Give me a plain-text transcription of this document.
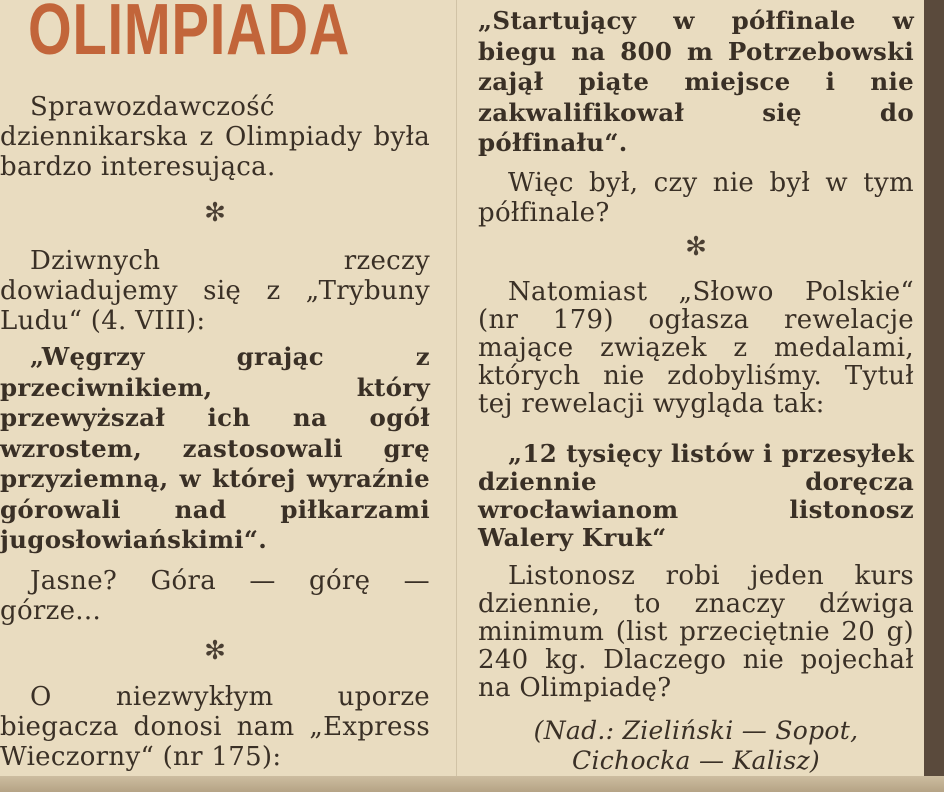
OLIMPIADA

Sprawozdawczość dziennikarska z Olimpiady była bardzo interesująca.

✻

Dziwnych rzeczy dowiadujemy się z „Trybuny Ludu“ (4. VIII):

„Węgrzy grając z przeciwnikiem, który przewyższał ich na ogół wzrostem, zastosowali grę przyziemną, w której wyraźnie górowali nad piłkarzami jugosłowiańskimi“.

Jasne? Góra — górę — górze...

✻

O niezwykłym uporze biegacza donosi nam „Express Wieczorny“ (nr 175):

„Startujący w półfinale w biegu na 800 m Potrzebowski zajął piąte miejsce i nie zakwalifikował się do półfinału“.

Więc był, czy nie był w tym półfinale?

✻

Natomiast „Słowo Polskie“ (nr 179) ogłasza rewelacje mające związek z medalami, których nie zdobyliśmy. Tytuł tej rewelacji wygląda tak:

„12 tysięcy listów i przesyłek dziennie doręcza wrocławianom listonosz Walery Kruk“

Listonosz robi jeden kurs dziennie, to znaczy dźwiga minimum (list przeciętnie 20 g) 240 kg. Dlaczego nie pojechał na Olimpiadę?

(Nad.: Zieliński — Sopot, Cichocka — Kalisz)
